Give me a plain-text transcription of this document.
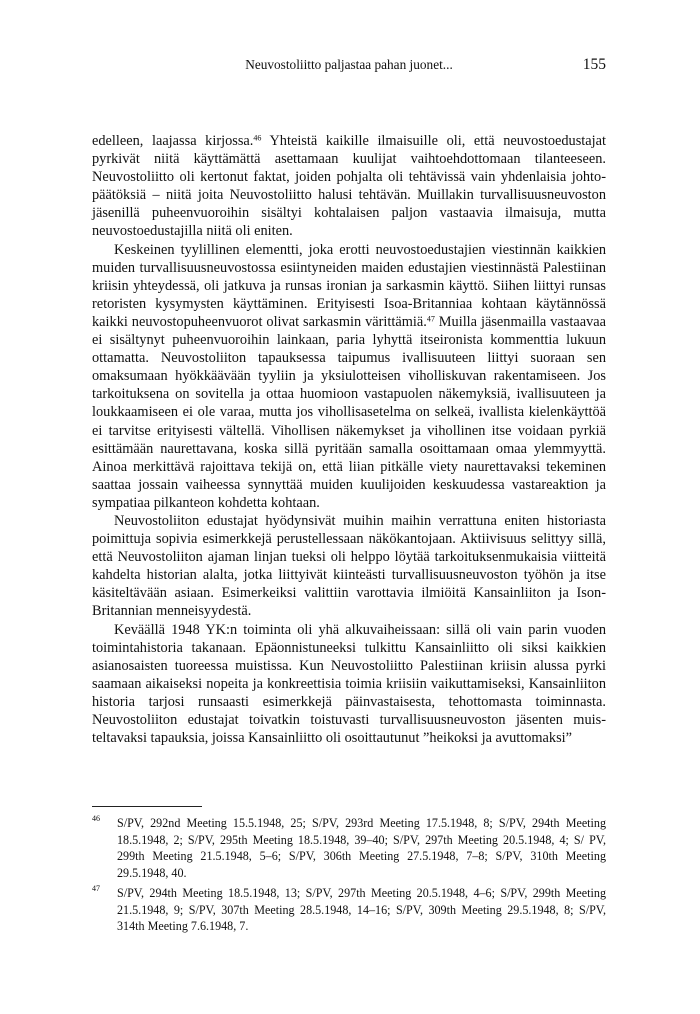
Neuvostoliitto paljastaa pahan juonet...	155

edelleen, laajassa kirjossa.$^{46}$ Yhteistä kaikille ilmaisuille oli, että neuvostoedustajat pyrkivät niitä käyttämättä asettamaan kuulijat vaihtoehdottomaan tilanteeseen. Neuvostoliitto oli kertonut faktat, joiden pohjalta oli tehtävissä vain yhdenlaisia johtopäätöksiä – niitä joita Neuvostoliitto halusi tehtävän. Muillakin turvallisuusneuvoston jäsenillä puheenvuoroihin sisältyi kohtalaisen paljon vastaavia ilmaisuja, mutta neuvostoedustajilla niitä oli eniten.

Keskeinen tyylillinen elementti, joka erotti neuvostoedustajien viestinnän kaikkien muiden turvallisuusneuvostossa esiintyneiden maiden edustajien viestinnästä Palestiinan kriisin yhteydessä, oli jatkuva ja runsas ironian ja sarkasmin käyttö. Siihen liittyi runsas retoristen kysymysten käyttäminen. Erityisesti Isoa-Britanniaa kohtaan käytännössä kaikki neuvostopuheenvuorot olivat sarkasmin värittämiä.$^{47}$ Muilla jäsenmailla vastaavaa ei sisältynyt puheenvuoroihin lainkaan, paria lyhyttä itseironista kommenttia lukuun ottamatta. Neuvostoliiton tapauksessa taipumus ivallisuuteen liittyi suoraan sen omaksumaan hyökkäävään tyyliin ja yksiulotteisen viholliskuvan rakentamiseen. Jos tarkoituksena on sovitella ja ottaa huomioon vastapuolen näkemyksiä, ivallisuuteen ja loukkaamiseen ei ole varaa, mutta jos vihollisasetelma on selkeä, ivallista kielenkäyttöä ei tarvitse erityisesti vältellä. Vihollisen näkemykset ja vihollinen itse voidaan pyrkiä esittämään naurettavana, koska sillä pyritään samalla osoittamaan omaa ylemmyyttä. Ainoa merkittävä rajoittava tekijä on, että liian pitkälle viety naurettavaksi tekeminen saattaa jossain vaiheessa synnyttää muiden kuulijoiden keskuudessa vastareaktion ja sympatiaa pilkanteon kohdetta kohtaan.

Neuvostoliiton edustajat hyödynsivät muihin maihin verrattuna eniten historiasta poimittuja sopivia esimerkkejä perustellessaan näkökantojaan. Aktiivisuus selittyy sillä, että Neuvostoliiton ajaman linjan tueksi oli helppo löytää tarkoituksenmukaisia viitteitä kahdelta historian alalta, jotka liittyivät kiinteästi turvallisuusneuvoston työhön ja itse käsiteltävään asiaan. Esimerkeiksi valittiin varottavia ilmiöitä Kansainliiton ja Ison-Britannian menneisyydestä.

Keväällä 1948 YK:n toiminta oli yhä alkuvaiheissaan: sillä oli vain parin vuoden toimintahistoria takanaan. Epäonnistuneeksi tulkittu Kansainliitto oli siksi kaikkien asianosaisten tuoreessa muistissa. Kun Neuvostoliitto Palestiinan kriisin alussa pyrki saamaan aikaiseksi nopeita ja konkreettisia toimia kriisiin vaikuttamiseksi, Kansainliiton historia tarjosi runsaasti esimerkkejä päinvastaisesta, tehottomasta toiminnasta. Neuvostoliiton edustajat toivatkin toistuvasti turvallisuusneuvoston jäsenten muisteltavaksi tapauksia, joissa Kansainliitto oli osoittautunut ”heikoksi ja avuttomaksi”

46 S/PV, 292nd Meeting 15.5.1948, 25; S/PV, 293rd Meeting 17.5.1948, 8; S/PV, 294th Meeting 18.5.1948, 2; S/PV, 295th Meeting 18.5.1948, 39–40; S/PV, 297th Meeting 20.5.1948, 4; S/ PV, 299th Meeting 21.5.1948, 5–6; S/PV, 306th Meeting 27.5.1948, 7–8; S/PV, 310th Meeting 29.5.1948, 40.
47 S/PV, 294th Meeting 18.5.1948, 13; S/PV, 297th Meeting 20.5.1948, 4–6; S/PV, 299th Meeting 21.5.1948, 9; S/PV, 307th Meeting 28.5.1948, 14–16; S/PV, 309th Meeting 29.5.1948, 8; S/PV, 314th Meeting 7.6.1948, 7.
